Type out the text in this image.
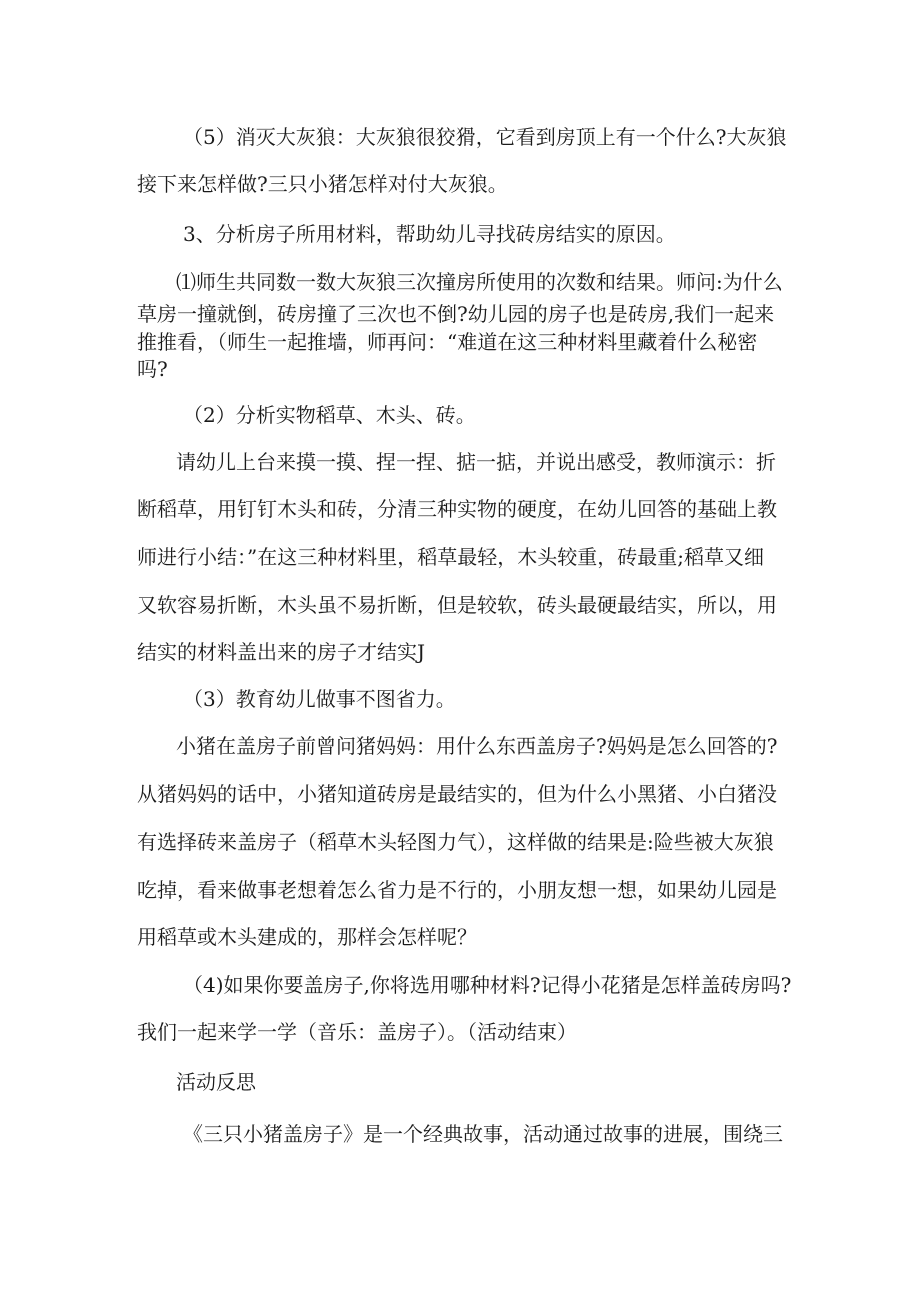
（5）消灭大灰狼：大灰狼很狡猾，它看到房顶上有一个什么?大灰狼
接下来怎样做?三只小猪怎样对付大灰狼。
3、分析房子所用材料，帮助幼儿寻找砖房结实的原因。
⑴师生共同数一数大灰狼三次撞房所使用的次数和结果。师问:为什么
草房一撞就倒，砖房撞了三次也不倒?幼儿园的房子也是砖房,我们一起来
推推看，（师生一起推墙，师再问：“难道在这三种材料里藏着什么秘密
吗?
（2）分析实物稻草、木头、砖。
请幼儿上台来摸一摸、捏一捏、掂一掂，并说出感受，教师演示：折
断稻草，用钉钉木头和砖，分清三种实物的硬度，在幼儿回答的基础上教
师进行小结：”在这三种材料里，稻草最轻，木头较重，砖最重;稻草又细
又软容易折断，木头虽不易折断，但是较软，砖头最硬最结实，所以，用
结实的材料盖出来的房子才结实J
（3）教育幼儿做事不图省力。
小猪在盖房子前曾问猪妈妈：用什么东西盖房子?妈妈是怎么回答的?
从猪妈妈的话中，小猪知道砖房是最结实的，但为什么小黑猪、小白猪没
有选择砖来盖房子（稻草木头轻图力气），这样做的结果是:险些被大灰狼
吃掉，看来做事老想着怎么省力是不行的，小朋友想一想，如果幼儿园是
用稻草或木头建成的，那样会怎样呢？
（4)如果你要盖房子,你将选用哪种材料?记得小花猪是怎样盖砖房吗?
我们一起来学一学（音乐：盖房子）。（活动结束）
活动反思
《三只小猪盖房子》是一个经典故事，活动通过故事的进展，围绕三
